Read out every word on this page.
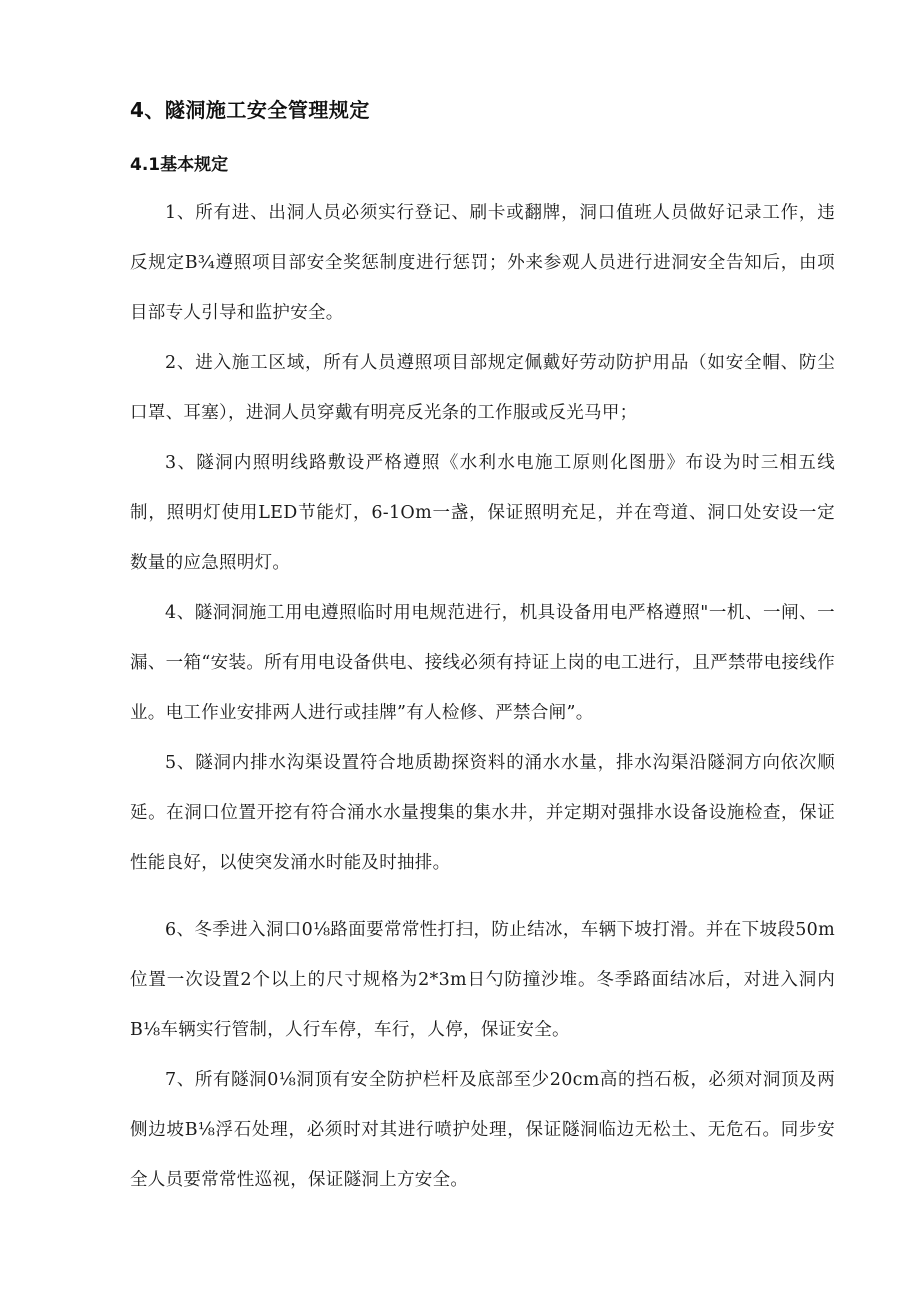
4、隧洞施工安全管理规定
4.1基本规定

1、所有进、出洞人员必须实行登记、刷卡或翻牌，洞口值班人员做好记录工作，违反规定B¾遵照项目部安全奖惩制度进行惩罚；外来参观人员进行进洞安全告知后，由项目部专人引导和监护安全。

2、进入施工区域，所有人员遵照项目部规定佩戴好劳动防护用品（如安全帽、防尘口罩、耳塞），进洞人员穿戴有明亮反光条的工作服或反光马甲；

3、隧洞内照明线路敷设严格遵照《水利水电施工原则化图册》布设为时三相五线制，照明灯使用LED节能灯，6-1Om一盏，保证照明充足，并在弯道、洞口处安设一定数量的应急照明灯。

4、隧洞洞施工用电遵照临时用电规范进行，机具设备用电严格遵照"一机、一闸、一漏、一箱“安装。所有用电设备供电、接线必须有持证上岗的电工进行，且严禁带电接线作业。电工作业安排两人进行或挂牌”有人检修、严禁合闸”。

5、隧洞内排水沟渠设置符合地质勘探资料的涌水水量，排水沟渠沿隧洞方向依次顺延。在洞口位置开挖有符合涌水水量搜集的集水井，并定期对强排水设备设施检查，保证性能良好，以使突发涌水时能及时抽排。

6、冬季进入洞口0⅛路面要常常性打扫，防止结冰，车辆下坡打滑。并在下坡段50m位置一次设置2个以上的尺寸规格为2*3m日勺防撞沙堆。冬季路面结冰后，对进入洞内B⅛车辆实行管制，人行车停，车行，人停，保证安全。

7、所有隧洞0⅛洞顶有安全防护栏杆及底部至少20cm高的挡石板，必须对洞顶及两侧边坡B⅛浮石处理，必须时对其进行喷护处理，保证隧洞临边无松土、无危石。同步安全人员要常常性巡视，保证隧洞上方安全。
